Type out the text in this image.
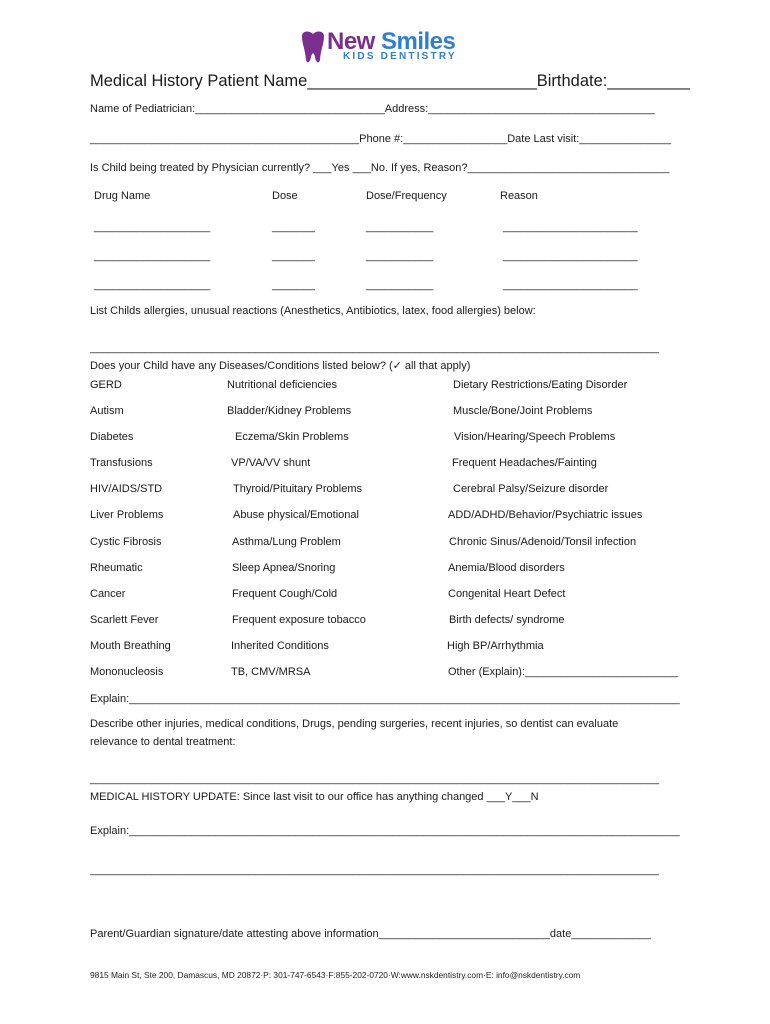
New Smiles
KIDS DENTISTRY
Medical History Patient Name_________________________Birthdate:_________
Name of Pediatrician:_______________________________Address:_____________________________________
____________________________________________Phone #:_________________Date Last visit:_______________
Is Child being treated by Physician currently? ___Yes ___No. If yes, Reason?_________________________________
Drug Name	Dose	Dose/Frequency	Reason
___________________	_______	___________	______________________
___________________	_______	___________	______________________
___________________	_______	___________	______________________
List Childs allergies, unusual reactions (Anesthetics, Antibiotics, latex, food allergies) below:
_____________________________________________________________________________________________
Does your Child have any Diseases/Conditions listed below? (✓ all that apply)
GERD	Nutritional deficiencies	Dietary Restrictions/Eating Disorder
Autism	Bladder/Kidney Problems	Muscle/Bone/Joint Problems
Diabetes	Eczema/Skin Problems	Vision/Hearing/Speech Problems
Transfusions	VP/VA/VV shunt	Frequent Headaches/Fainting
HIV/AIDS/STD	Thyroid/Pituitary Problems	Cerebral Palsy/Seizure disorder
Liver Problems	Abuse physical/Emotional	ADD/ADHD/Behavior/Psychiatric issues
Cystic Fibrosis	Asthma/Lung Problem	Chronic Sinus/Adenoid/Tonsil infection
Rheumatic	Sleep Apnea/Snoring	Anemia/Blood disorders
Cancer	Frequent Cough/Cold	Congenital Heart Defect
Scarlett Fever	Frequent exposure tobacco	Birth defects/ syndrome
Mouth Breathing	Inherited Conditions	High BP/Arrhythmia
Mononucleosis	TB, CMV/MRSA	Other (Explain):_________________________
Explain:__________________________________________________________________________________________
Describe other injuries, medical conditions, Drugs, pending surgeries, recent injuries, so dentist can evaluate
relevance to dental treatment:
_____________________________________________________________________________________________
MEDICAL HISTORY UPDATE: Since last visit to our office has anything changed ___Y___N
Explain:__________________________________________________________________________________________
_____________________________________________________________________________________________
Parent/Guardian signature/date attesting above information____________________________date_____________
9815 Main St, Ste 200, Damascus, MD 20872·P: 301-747-6543·F:855-202-0720·W:www.nskdentistry.com·E: info@nskdentistry.com
